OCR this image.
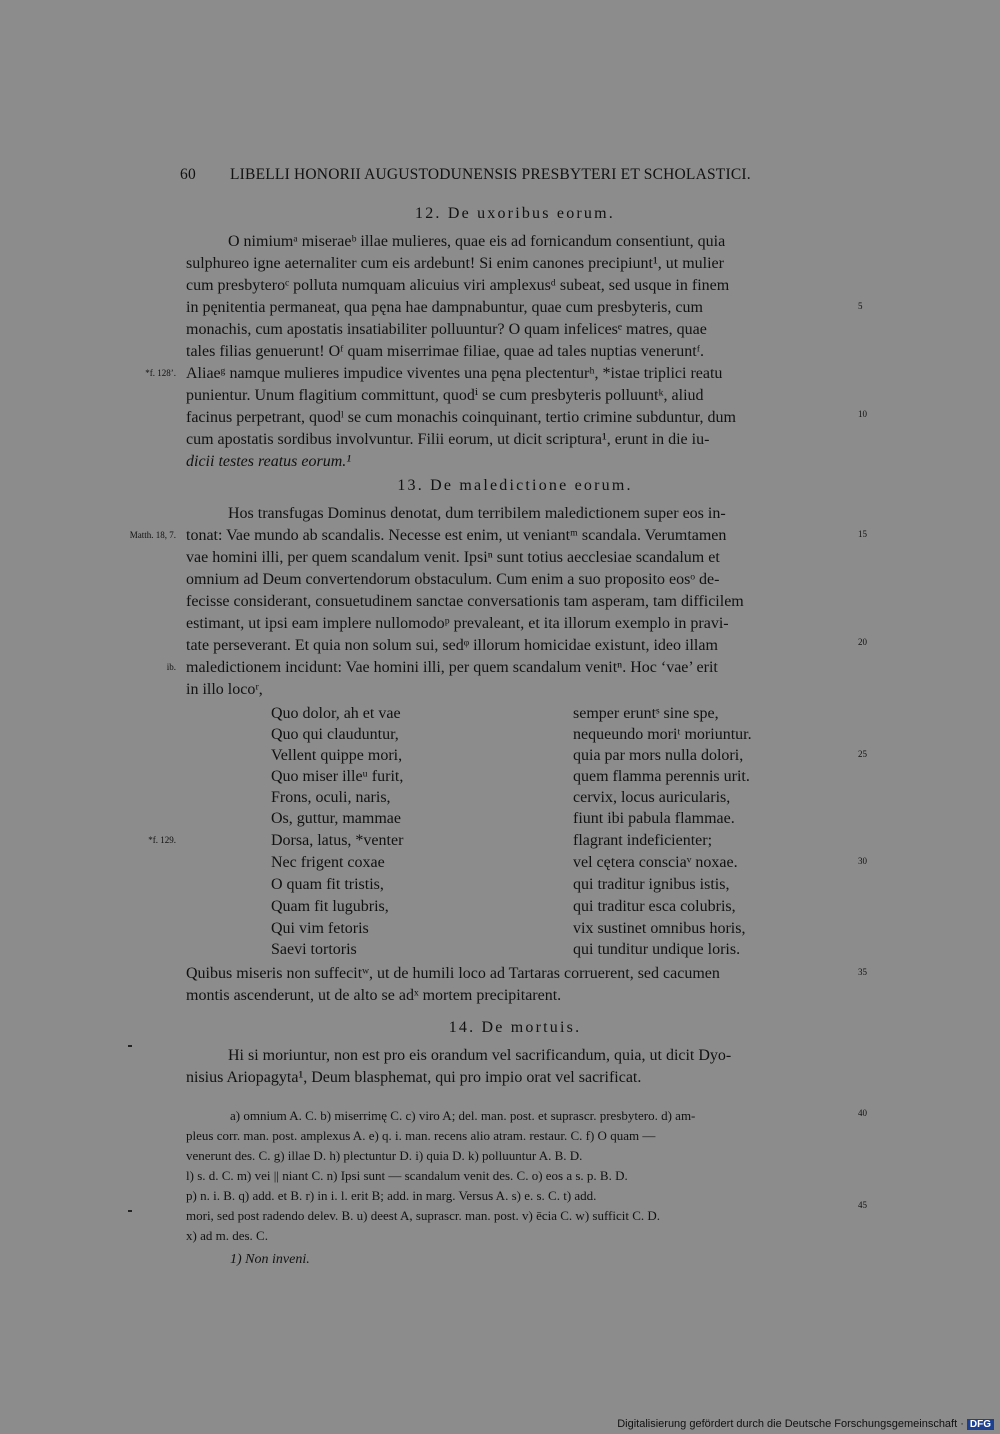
60 LIBELLI HONORII AUGUSTODUNENSIS PRESBYTERI ET SCHOLASTICI.
12. De uxoribus eorum.
O nimiumᵃ miseraeᵇ illae mulieres, quae eis ad fornicandum consentiunt, quia
sulphureo igne aeternaliter cum eis ardebunt! Si enim canones precipiunt¹, ut mulier
cum presbyteroᶜ polluta numquam alicuius viri amplexusᵈ subeat, sed usque in finem
in pęnitentia permaneat, qua pęna hae dampnabuntur, quae cum presbyteris, cum
monachis, cum apostatis insatiabiliter polluuntur? O quam infelicesᵉ matres, quae
tales filias genuerunt! Oᶠ quam miserrimae filiae, quae ad tales nuptias veneruntᶠ.
Aliaeᵍ namque mulieres impudice viventes una pęna plectenturʰ, *istae triplici reatu
punientur. Unum flagitium committunt, quodⁱ se cum presbyteris polluuntᵏ, aliud
facinus perpetrant, quodˡ se cum monachis coinquinant, tertio crimine subduntur, dum
cum apostatis sordibus involvuntur. Filii eorum, ut dicit scriptura¹, erunt in die iu-
dicii testes reatus eorum.¹
13. De maledictione eorum.
Hos transfugas Dominus denotat, dum terribilem maledictionem super eos in-
tonat: Vae mundo ab scandalis. Necesse est enim, ut veniantᵐ scandala. Verumtamen
vae homini illi, per quem scandalum venit. Ipsiⁿ sunt totius aecclesiae scandalum et
omnium ad Deum convertendorum obstaculum. Cum enim a suo proposito eosᵒ de-
fecisse considerant, consuetudinem sanctae conversationis tam asperam, tam difficilem
estimant, ut ipsi eam implere nullomodoᵖ prevaleant, et ita illorum exemplo in pravi-
tate perseverant. Et quia non solum sui, sedᵠ illorum homicidae existunt, ideo illam
maledictionem incidunt: Vae homini illi, per quem scandalum venitⁿ. Hoc ‘vae’ erit
in illo locoʳ,
Quo dolor, ah et vae
Quo qui clauduntur,
Vellent quippe mori,
Quo miser illeᵘ furit,
Frons, oculi, naris,
Os, guttur, mammae
Dorsa, latus, *venter
Nec frigent coxae
O quam fit tristis,
Quam fit lugubris,
Qui vim fetoris
Saevi tortoris
semper eruntˢ sine spe,
nequeundo moriᵗ moriuntur.
quia par mors nulla dolori,
quem flamma perennis urit.
cervix, locus auricularis,
fiunt ibi pabula flammae.
flagrant indeficienter;
vel cętera consciaᵛ noxae.
qui traditur ignibus istis,
qui traditur esca colubris,
vix sustinet omnibus horis,
qui tunditur undique loris.
Quibus miseris non suffecitʷ, ut de humili loco ad Tartaras corruerent, sed cacumen
montis ascenderunt, ut de alto se adˣ mortem precipitarent.
14. De mortuis.
Hi si moriuntur, non est pro eis orandum vel sacrificandum, quia, ut dicit Dyo-
nisius Ariopagyta¹, Deum blasphemat, qui pro impio orat vel sacrificat.
5
10
15
20
25
30
35
40
45
*f. 128’.
Matth. 18, 7.
ib.
*f. 129.
a) omnium A. C. b) miserrimę C. c) viro A; del. man. post. et suprascr. presbytero. d) am-
pleus corr. man. post. amplexus A. e) q. i. man. recens alio atram. restaur. C. f) O quam —
venerunt des. C. g) illae D. h) plectuntur D. i) quia D. k) polluuntur A. B. D.
l) s. d. C. m) vei || niant C. n) Ipsi sunt — scandalum venit des. C. o) eos a s. p. B. D.
p) n. i. B. q) add. et B. r) in i. l. erit B; add. in marg. Versus A. s) e. s. C. t) add.
mori, sed post radendo delev. B. u) deest A, suprascr. man. post. v) ēcia C. w) sufficit C. D.
x) ad m. des. C.
1) Non inveni.
Digitalisierung gefördert durch die Deutsche Forschungsgemeinschaft · DFG
